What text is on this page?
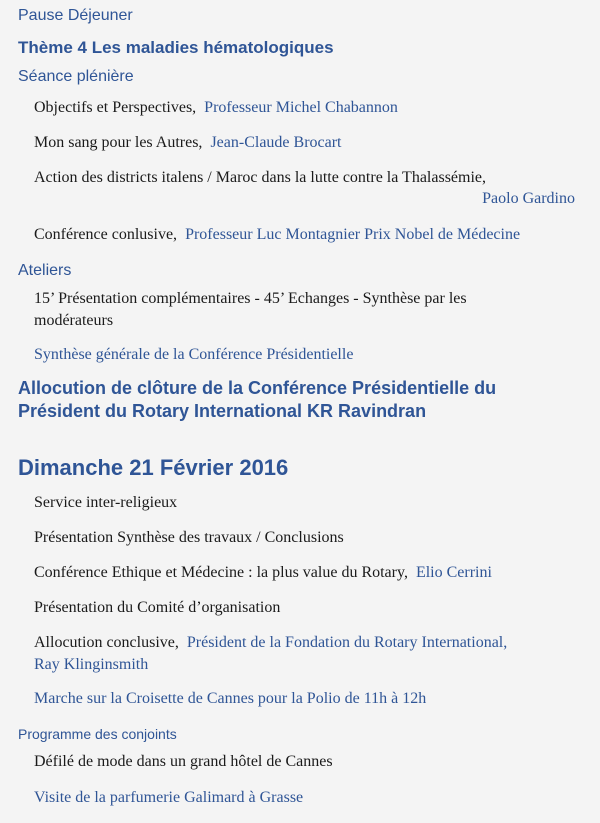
Pause Déjeuner
Thème 4 Les maladies hématologiques
Séance plénière
Objectifs et Perspectives, Professeur Michel Chabannon
Mon sang pour les Autres, Jean-Claude Brocart
Action des districts italens / Maroc dans la lutte contre la Thalassémie,
Paolo Gardino
Conférence conlusive, Professeur Luc Montagnier Prix Nobel de Médecine
Ateliers
15’ Présentation complémentaires - 45’ Echanges - Synthèse par les
modérateurs
Synthèse générale de la Conférence Présidentielle
Allocution de clôture de la Conférence Présidentielle du
Président du Rotary International KR Ravindran
Dimanche 21 Février 2016
Service inter-religieux
Présentation Synthèse des travaux / Conclusions
Conférence Ethique et Médecine : la plus value du Rotary, Elio Cerrini
Présentation du Comité d’organisation
Allocution conclusive, Président de la Fondation du Rotary International,
Ray Klinginsmith
Marche sur la Croisette de Cannes pour la Polio de 11h à 12h
Programme des conjoints
Défilé de mode dans un grand hôtel de Cannes
Visite de la parfumerie Galimard à Grasse
